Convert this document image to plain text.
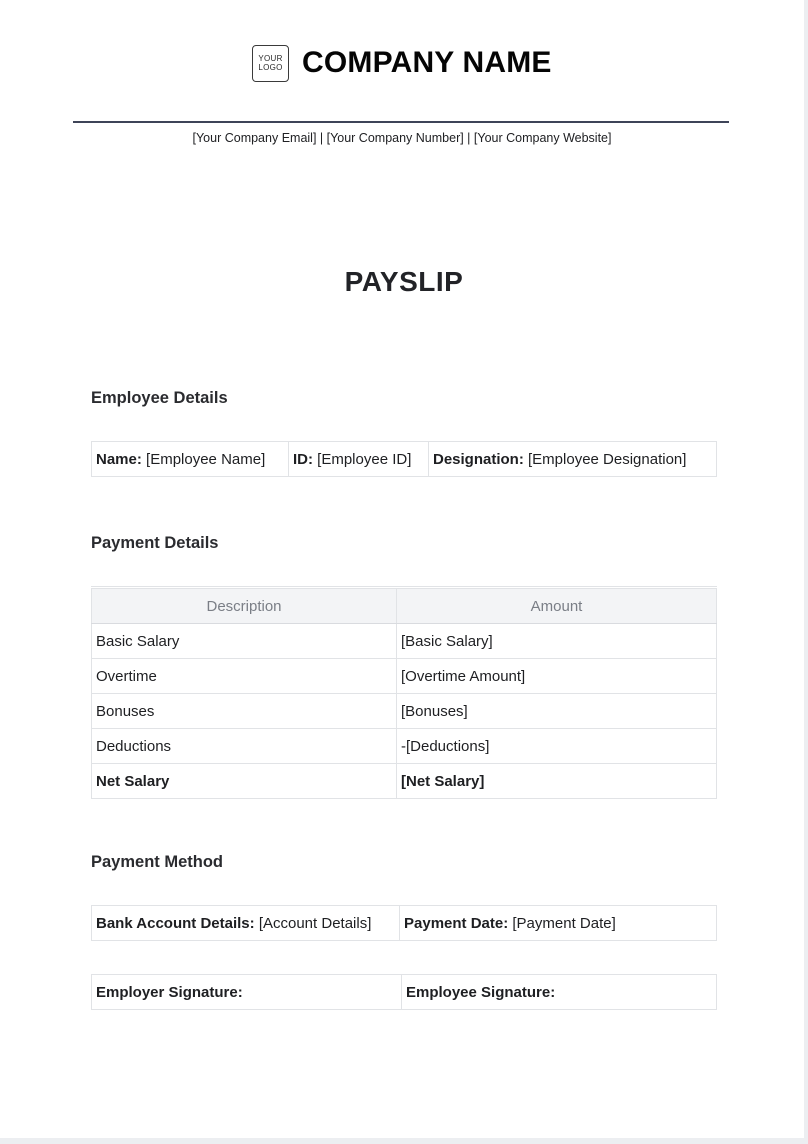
YOUR
LOGO COMPANY NAME
[Your Company Email] | [Your Company Number] | [Your Company Website]
PAYSLIP
Employee Details
Name: [Employee Name]	ID: [Employee ID]	Designation: [Employee Designation]
Payment Details
Description	Amount
Basic Salary	[Basic Salary]
Overtime	[Overtime Amount]
Bonuses	[Bonuses]
Deductions	-[Deductions]
Net Salary	[Net Salary]
Payment Method
Bank Account Details: [Account Details]	Payment Date: [Payment Date]
Employer Signature:	Employee Signature:
